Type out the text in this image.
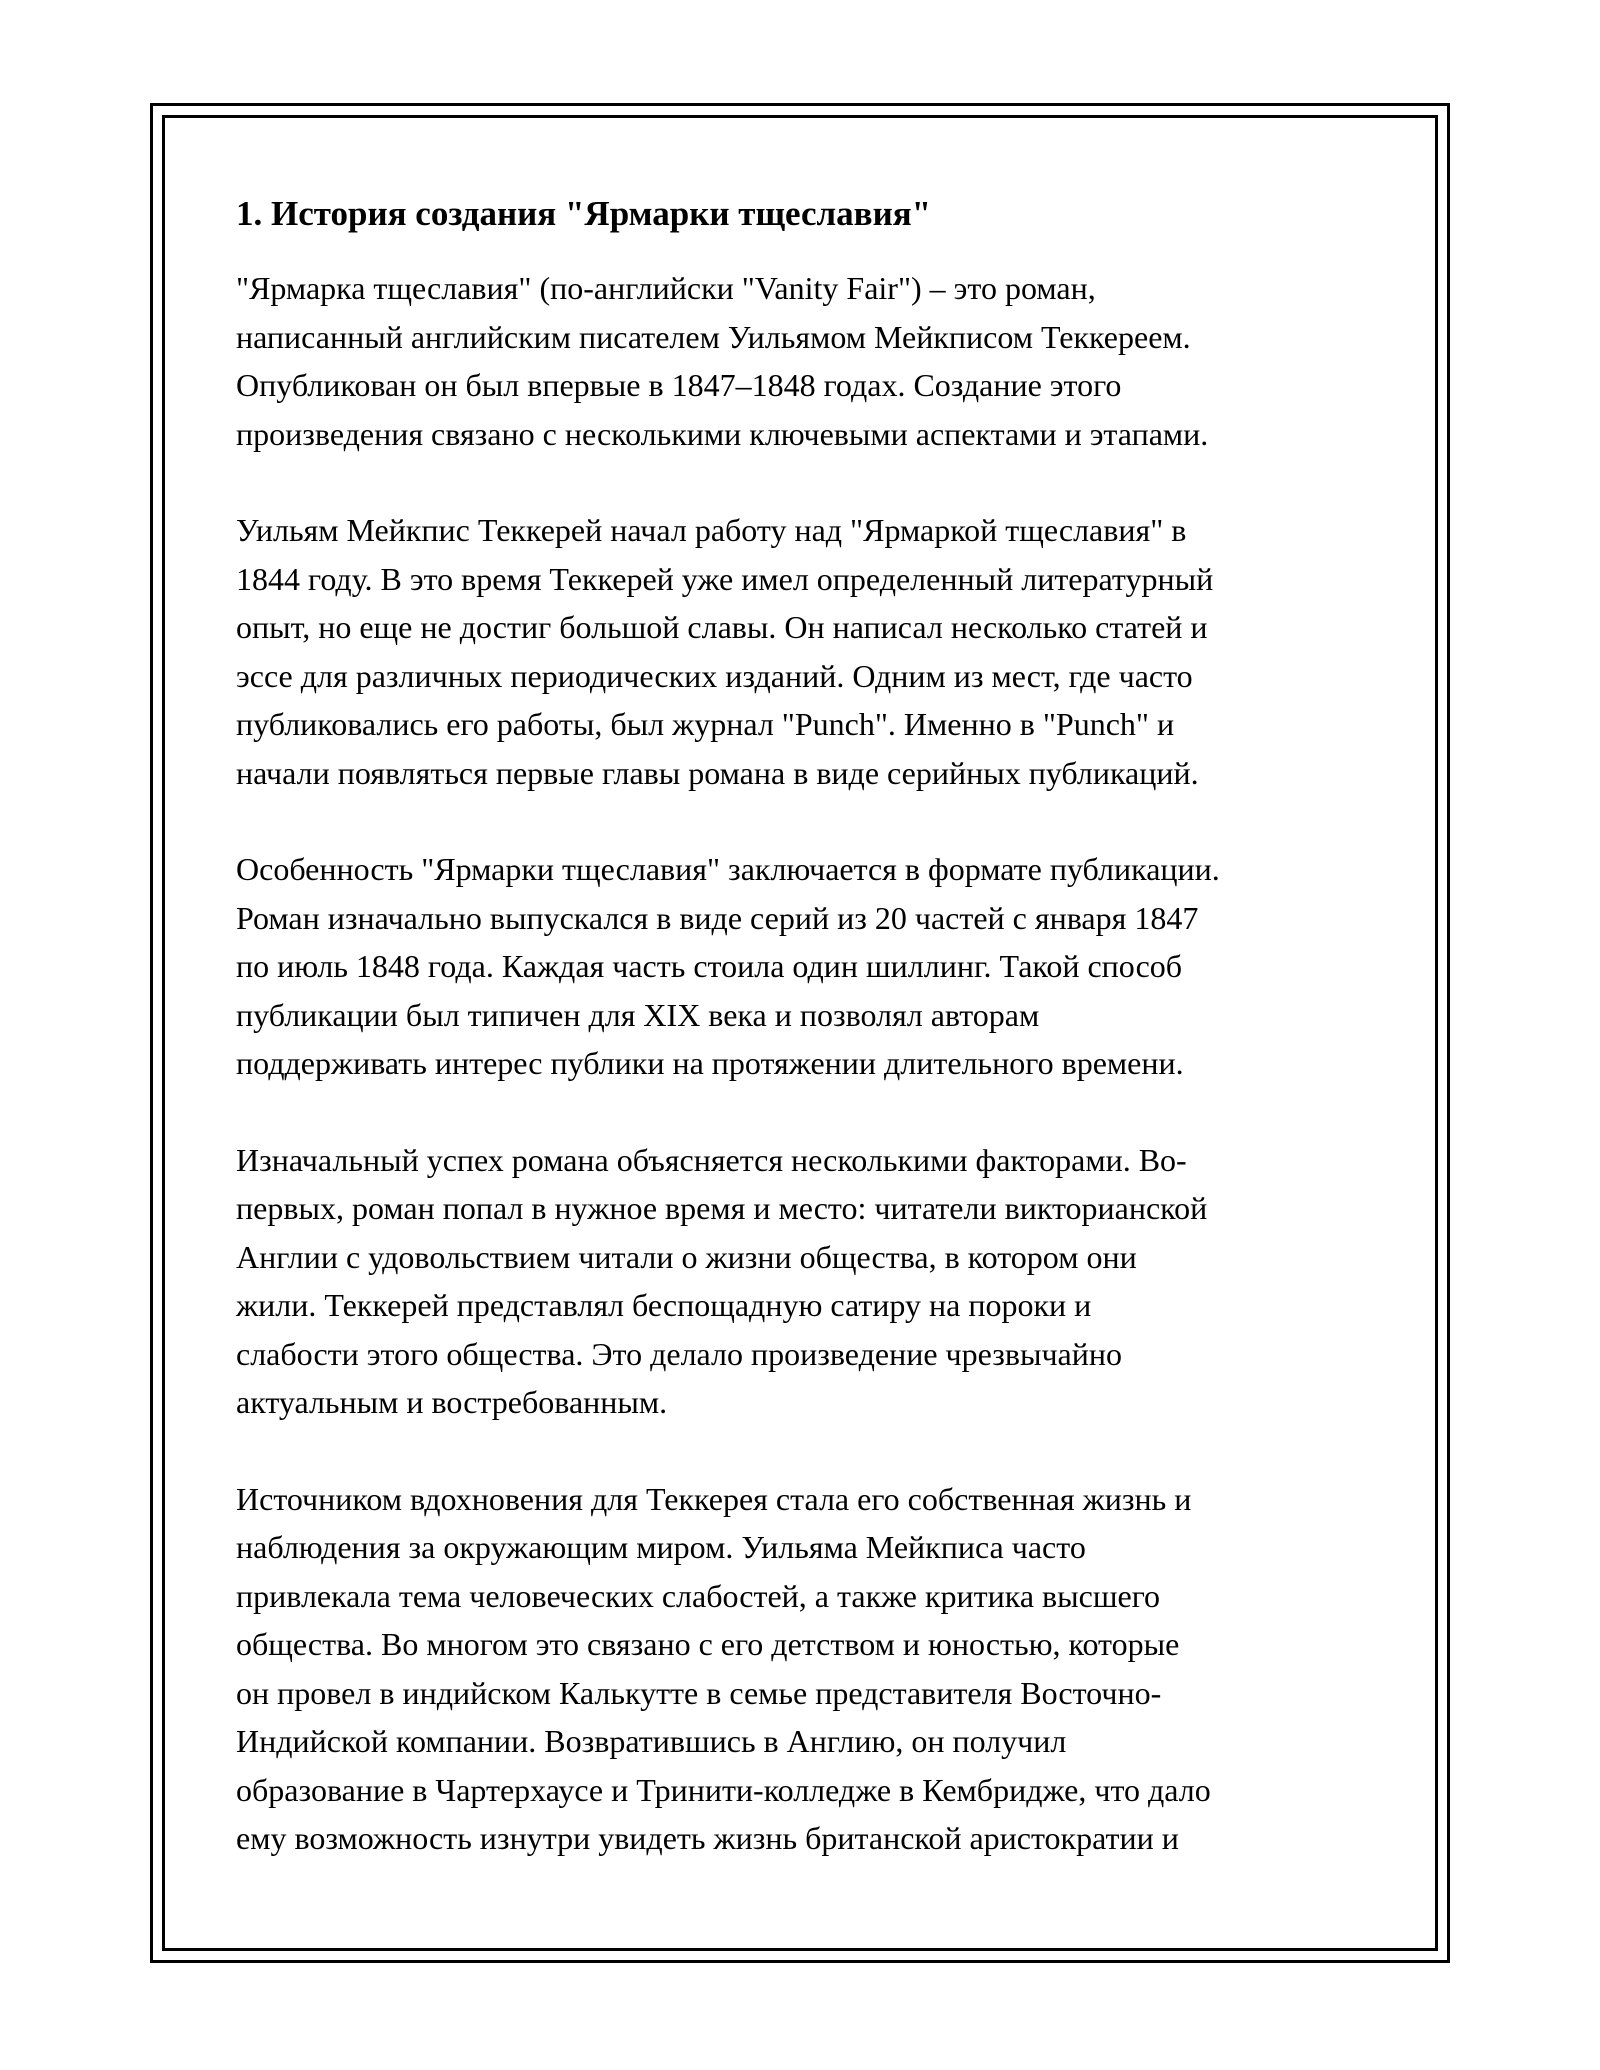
1. История создания "Ярмарки тщеславия"
"Ярмарка тщеславия" (по-английски "Vanity Fair") – это роман,
написанный английским писателем Уильямом Мейкписом Теккереем.
Опубликован он был впервые в 1847–1848 годах. Создание этого
произведения связано с несколькими ключевыми аспектами и этапами.
Уильям Мейкпис Теккерей начал работу над "Ярмаркой тщеславия" в
1844 году. В это время Теккерей уже имел определенный литературный
опыт, но еще не достиг большой славы. Он написал несколько статей и
эссе для различных периодических изданий. Одним из мест, где часто
публиковались его работы, был журнал "Punch". Именно в "Punch" и
начали появляться первые главы романа в виде серийных публикаций.
Особенность "Ярмарки тщеславия" заключается в формате публикации.
Роман изначально выпускался в виде серий из 20 частей с января 1847
по июль 1848 года. Каждая часть стоила один шиллинг. Такой способ
публикации был типичен для XIX века и позволял авторам
поддерживать интерес публики на протяжении длительного времени.
Изначальный успех романа объясняется несколькими факторами. Во-
первых, роман попал в нужное время и место: читатели викторианской
Англии с удовольствием читали о жизни общества, в котором они
жили. Теккерей представлял беспощадную сатиру на пороки и
слабости этого общества. Это делало произведение чрезвычайно
актуальным и востребованным.
Источником вдохновения для Теккерея стала его собственная жизнь и
наблюдения за окружающим миром. Уильяма Мейкписа часто
привлекала тема человеческих слабостей, а также критика высшего
общества. Во многом это связано с его детством и юностью, которые
он провел в индийском Калькутте в семье представителя Восточно-
Индийской компании. Возвратившись в Англию, он получил
образование в Чартерхаусе и Тринити-колледже в Кембридже, что дало
ему возможность изнутри увидеть жизнь британской аристократии и
